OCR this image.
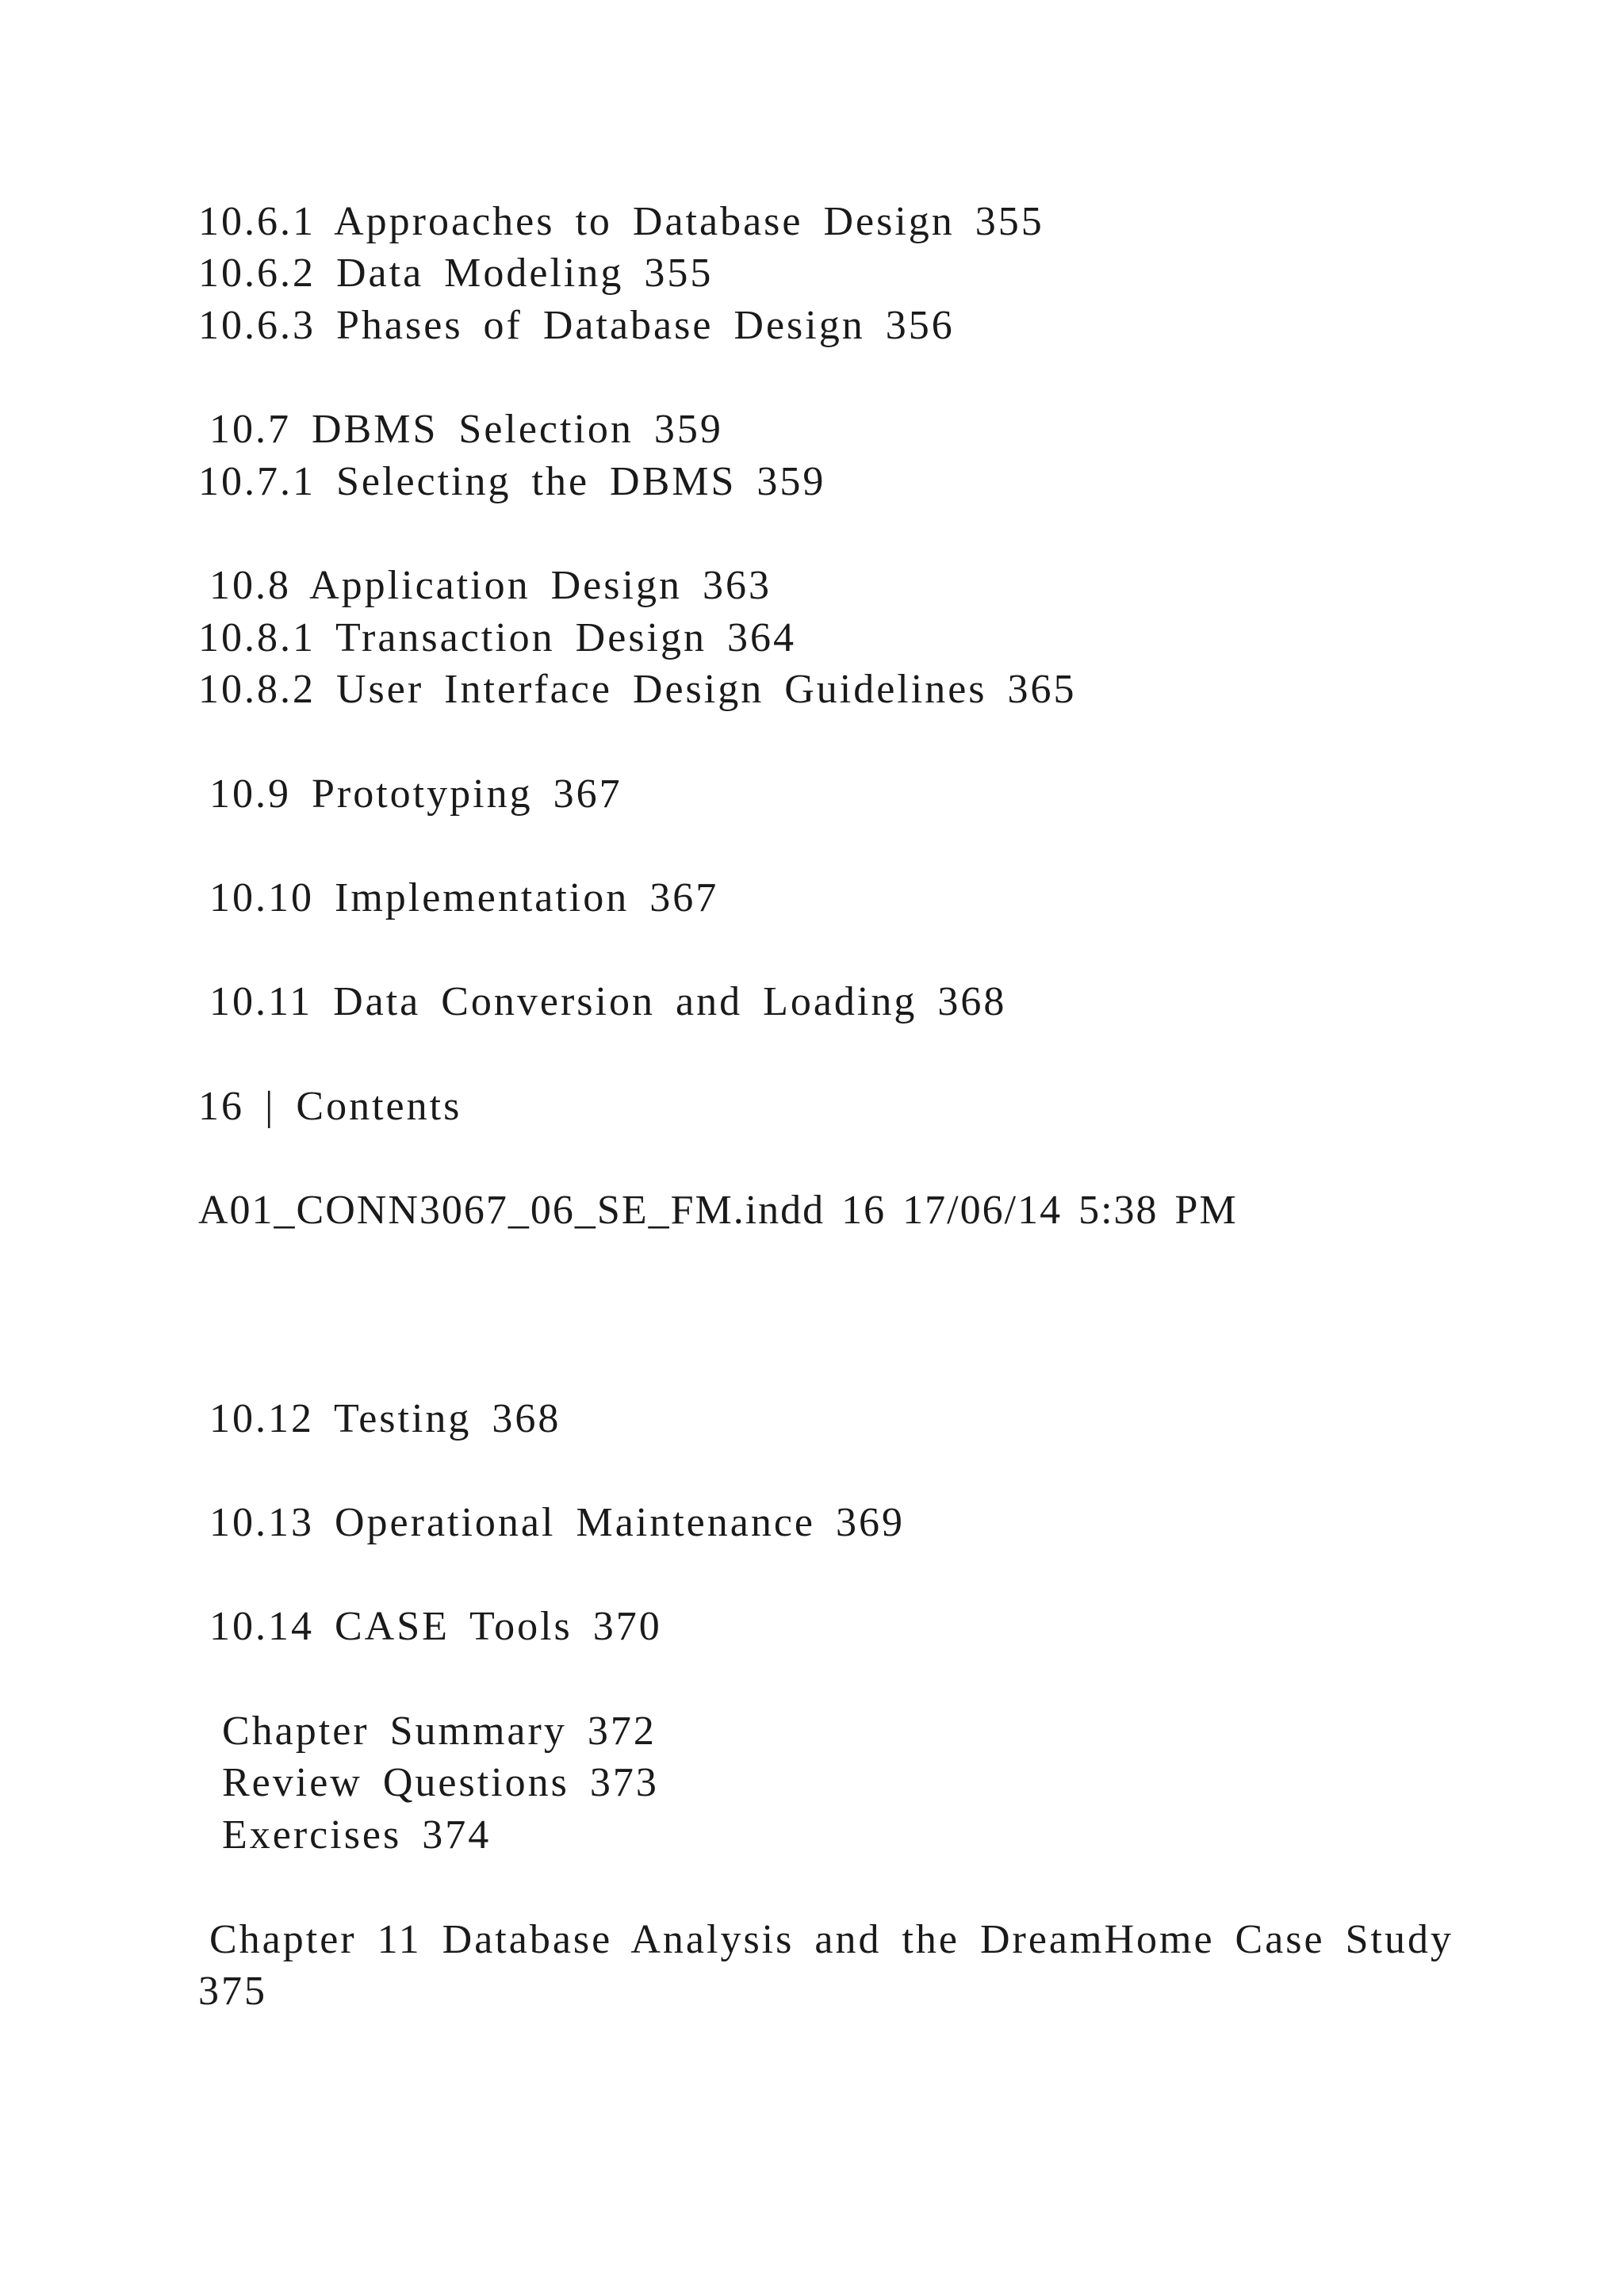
10.6.1 Approaches to Database Design 355

10.6.2 Data Modeling 355

10.6.3 Phases of Database Design 356

10.7 DBMS Selection 359

10.7.1 Selecting the DBMS 359

10.8 Application Design 363

10.8.1 Transaction Design 364

10.8.2 User Interface Design Guidelines 365

10.9 Prototyping 367

10.10 Implementation 367

10.11 Data Conversion and Loading 368

16 | Contents

A01_CONN3067_06_SE_FM.indd 16 17/06/14 5:38 PM

10.12 Testing 368

10.13 Operational Maintenance 369

10.14 CASE Tools 370

Chapter Summary 372

Review Questions 373

Exercises 374

Chapter 11 Database Analysis and the DreamHome Case Study

375
